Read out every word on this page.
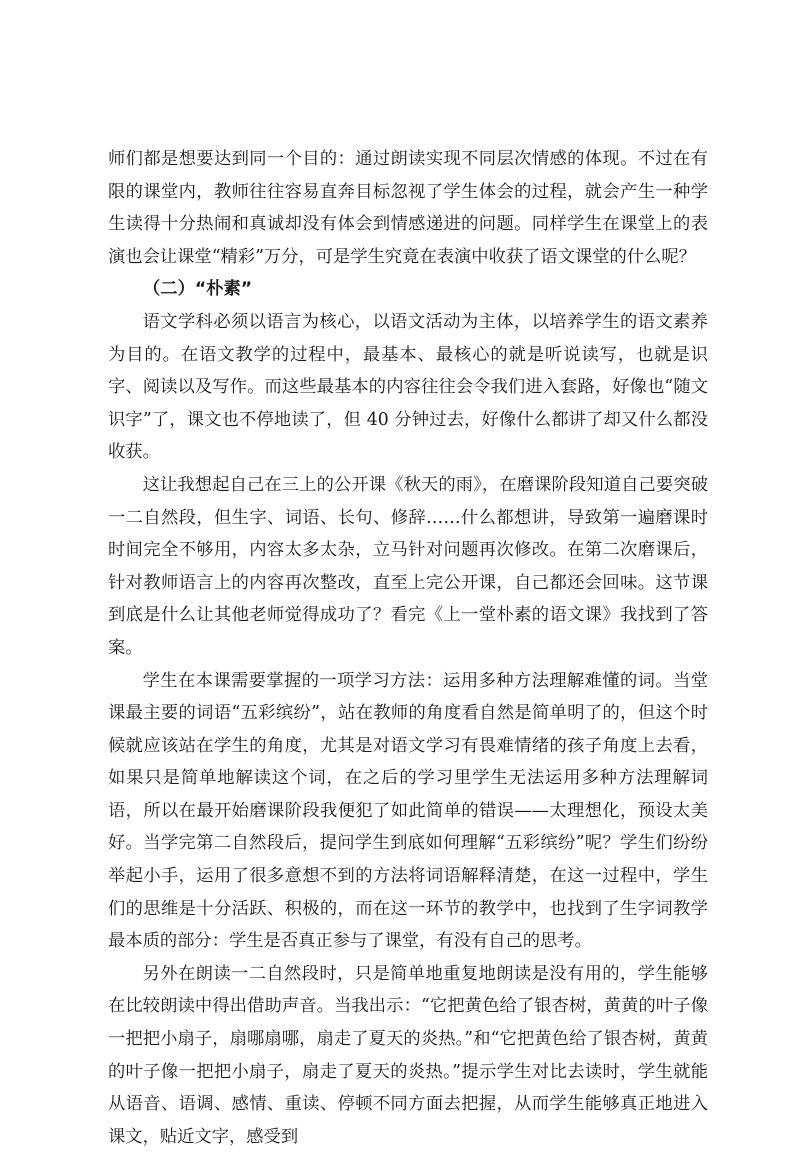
师们都是想要达到同一个目的：通过朗读实现不同层次情感的体现。不过在有限的课堂内，教师往往容易直奔目标忽视了学生体会的过程，就会产生一种学生读得十分热闹和真诚却没有体会到情感递进的问题。同样学生在课堂上的表演也会让课堂“精彩”万分，可是学生究竟在表演中收获了语文课堂的什么呢？

（二）“朴素”

语文学科必须以语言为核心，以语文活动为主体，以培养学生的语文素养为目的。在语文教学的过程中，最基本、最核心的就是听说读写，也就是识字、阅读以及写作。而这些最基本的内容往往会令我们进入套路，好像也“随文识字”了，课文也不停地读了，但 40 分钟过去，好像什么都讲了却又什么都没收获。

这让我想起自己在三上的公开课《秋天的雨》，在磨课阶段知道自己要突破一二自然段，但生字、词语、长句、修辞……什么都想讲，导致第一遍磨课时时间完全不够用，内容太多太杂，立马针对问题再次修改。在第二次磨课后，针对教师语言上的内容再次整改，直至上完公开课，自己都还会回味。这节课到底是什么让其他老师觉得成功了？看完《上一堂朴素的语文课》我找到了答案。

学生在本课需要掌握的一项学习方法：运用多种方法理解难懂的词。当堂课最主要的词语“五彩缤纷”，站在教师的角度看自然是简单明了的，但这个时候就应该站在学生的角度，尤其是对语文学习有畏难情绪的孩子角度上去看，如果只是简单地解读这个词，在之后的学习里学生无法运用多种方法理解词语，所以在最开始磨课阶段我便犯了如此简单的错误——太理想化，预设太美好。当学完第二自然段后，提问学生到底如何理解“五彩缤纷”呢？学生们纷纷举起小手，运用了很多意想不到的方法将词语解释清楚，在这一过程中，学生们的思维是十分活跃、积极的，而在这一环节的教学中，也找到了生字词教学最本质的部分：学生是否真正参与了课堂，有没有自己的思考。

另外在朗读一二自然段时，只是简单地重复地朗读是没有用的，学生能够在比较朗读中得出借助声音。当我出示：“它把黄色给了银杏树，黄黄的叶子像一把把小扇子，扇哪扇哪，扇走了夏天的炎热。”和“它把黄色给了银杏树，黄黄的叶子像一把把小扇子，扇走了夏天的炎热。”提示学生对比去读时，学生就能从语音、语调、感情、重读、停顿不同方面去把握，从而学生能够真正地进入课文，贴近文字，感受到
